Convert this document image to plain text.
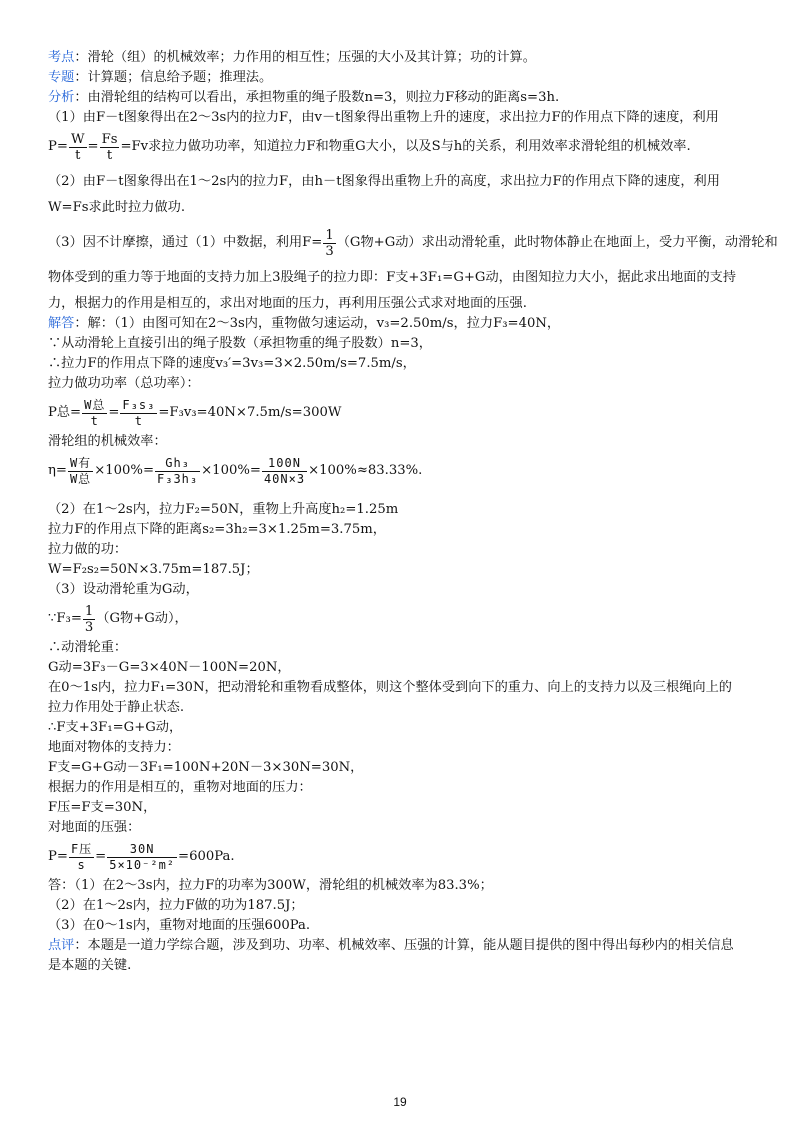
考点：滑轮（组）的机械效率；力作用的相互性；压强的大小及其计算；功的计算。
专题：计算题；信息给予题；推理法。
分析：由滑轮组的结构可以看出，承担物重的绳子股数n=3，则拉力F移动的距离s=3h.
（1）由F－t图象得出在2～3s内的拉力F，由v－t图象得出重物上升的速度，求出拉力F的作用点下降的速度，利用
$P= \frac{W}{t} = \frac{Fs}{t} =Fv$求拉力做功功率，知道拉力F和物重G大小，以及S与h的关系，利用效率求滑轮组的机械效率.
（2）由F－t图象得出在1～2s内的拉力F，由h－t图象得出重物上升的高度，求出拉力F的作用点下降的速度，利用
W=Fs求此时拉力做功.
（3）因不计摩擦，通过（1）中数据，利用$F= \frac{1}{3} (G$物+G动）求出动滑轮重，此时物体静止在地面上，受力平衡，动滑轮和
物体受到的重力等于地面的支持力加上3股绳子的拉力即：F支+3F₁=G+G动，由图知拉力大小，据此求出地面的支持
力，根据力的作用是相互的，求出对地面的压力，再利用压强公式求对地面的压强.
解答：解：（1）由图可知在2～3s内，重物做匀速运动，v₃=2.50m/s，拉力F₃=40N，
∵从动滑轮上直接引出的绳子股数（承担物重的绳子股数）n=3，
∴拉力F的作用点下降的速度v₃′=3v₃=3×2.50m/s=7.5m/s，
拉力做功功率（总功率）：
P总= $\frac{\text{W总}}{t} = \frac{\text{F₃s₃}}{t} =F_3v_3=40N\times 7.5m/s=300W$
滑轮组的机械效率：
$\eta= \frac{\text{W有}}{\text{W总}} \times 100\%= \frac{\text{Gh₃}}{\text{F₃3h₃}} \times 100\%= \frac{100N}{40N\times 3} \times 100\%\approx 83.33\%$.
（2）在1～2s内，拉力F₂=50N，重物上升高度h₂=1.25m
拉力F的作用点下降的距离s₂=3h₂=3×1.25m=3.75m，
拉力做的功：
W=F₂s₂=50N×3.75m=187.5J；
（3）设动滑轮重为G动，
∵F₃= $\frac{1}{3} (G$物+G动），
∴动滑轮重：
G动=3F₃－G=3×40N－100N=20N，
在0～1s内，拉力F₁=30N，把动滑轮和重物看成整体，则这个整体受到向下的重力、向上的支持力以及三根绳向上的
拉力作用处于静止状态.
∴F支+3F₁=G+G动，
地面对物体的支持力：
F支=G+G动－3F₁=100N+20N－3×30N=30N，
根据力的作用是相互的，重物对地面的压力：
F压=F支=30N，
对地面的压强：
$P= \frac{\text{F压}}{s} = \frac{30N}{\text{5×10⁻²m²}} =600Pa$.
答：（1）在2～3s内，拉力F的功率为300W，滑轮组的机械效率为83.3%；
（2）在1～2s内，拉力F做的功为187.5J；
（3）在0～1s内，重物对地面的压强600Pa.
点评：本题是一道力学综合题，涉及到功、功率、机械效率、压强的计算，能从题目提供的图中得出每秒内的相关信息
是本题的关键.
19
